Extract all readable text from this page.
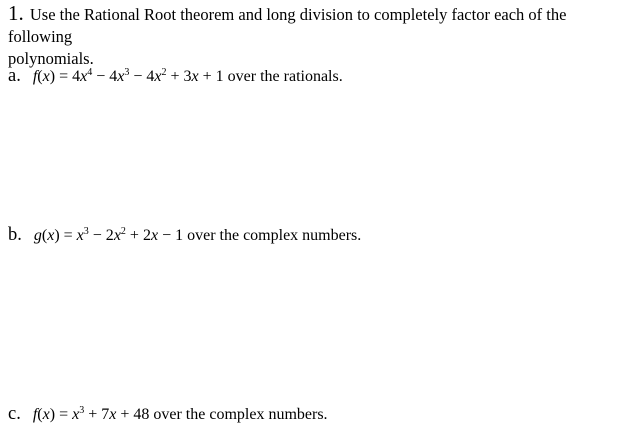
1. Use the Rational Root theorem and long division to completely factor each of the following
polynomials.
a. $f(x) = 4x^4 - 4x^3 - 4x^2 + 3x + 1$ over the rationals.
b. $g(x) = x^3 - 2x^2 + 2x - 1$ over the complex numbers.
c. $f(x) = x^3 + 7x + 48$ over the complex numbers.
